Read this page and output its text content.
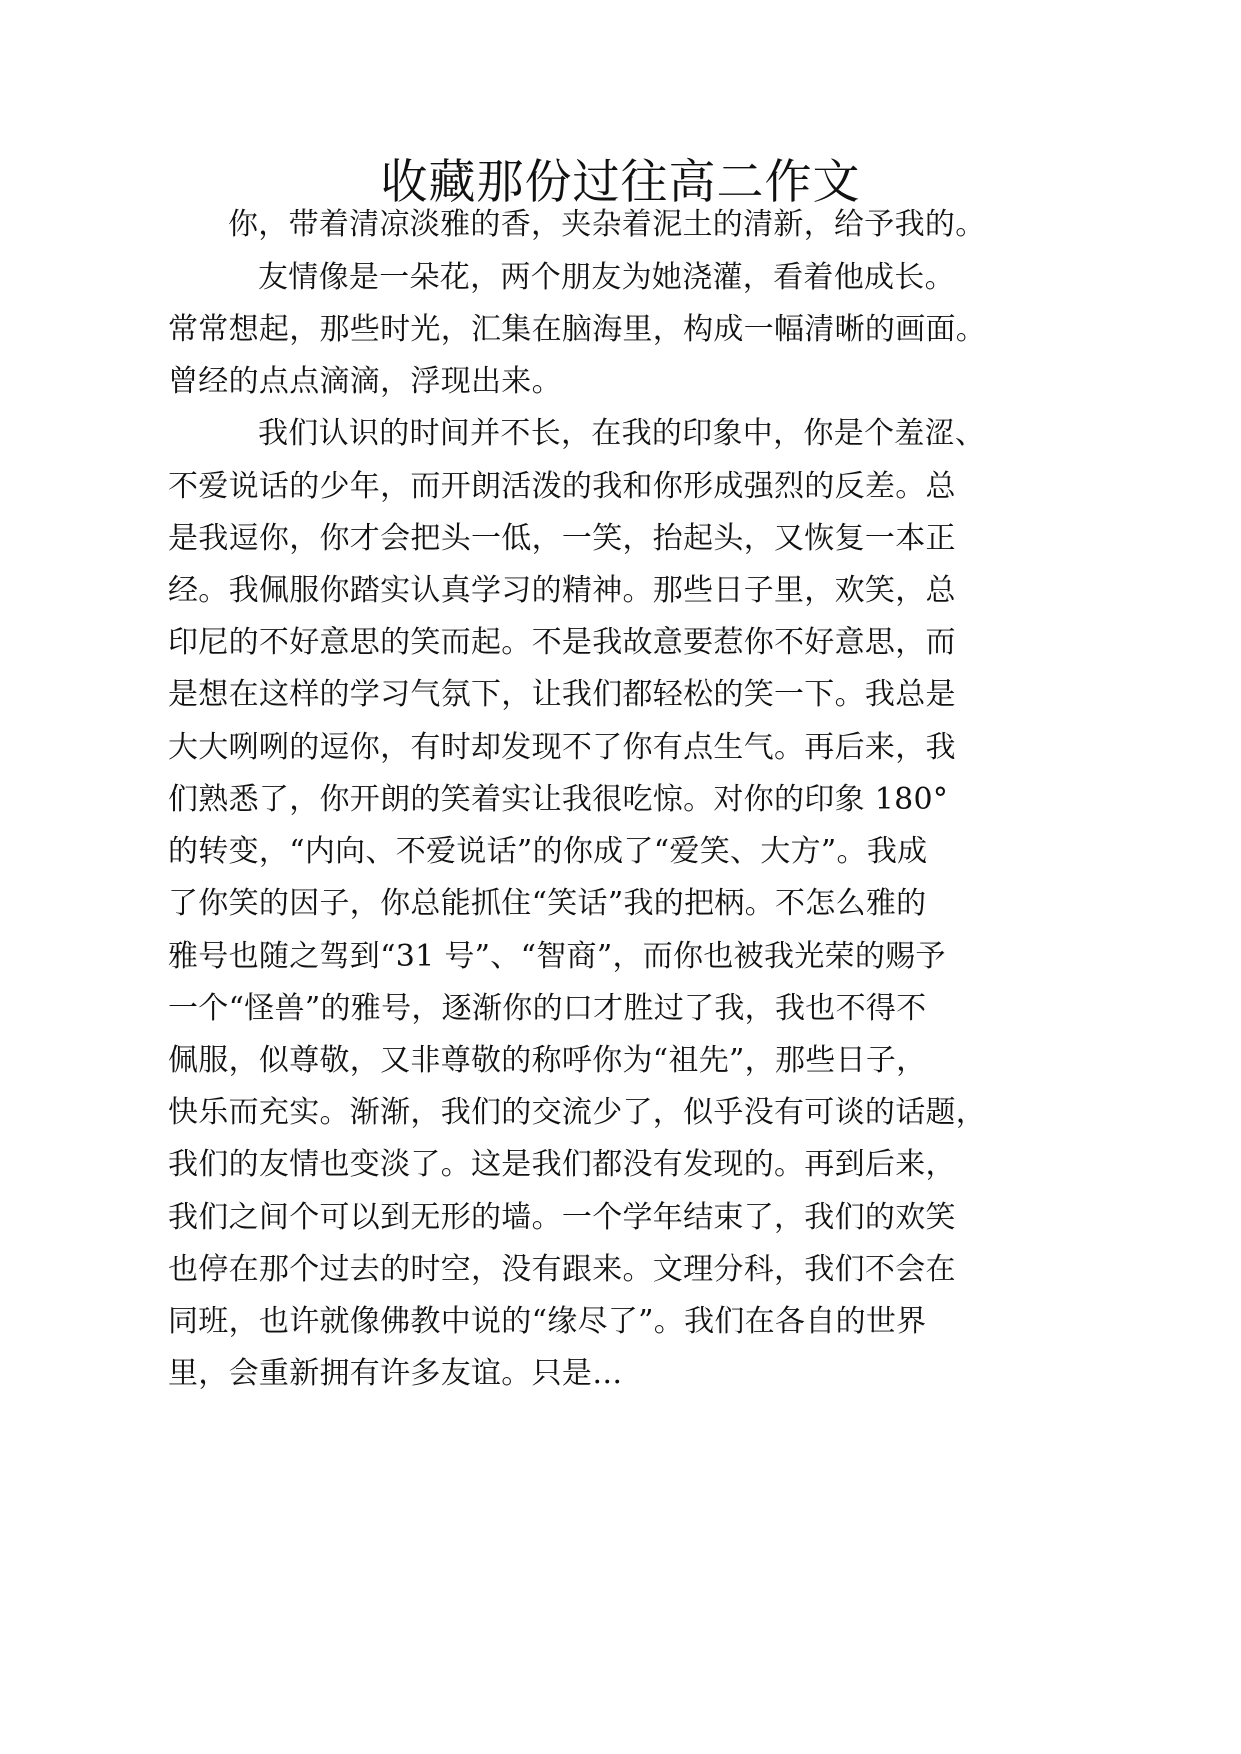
收藏那份过往高二作文
你，带着清凉淡雅的香，夹杂着泥土的清新，给予我的。
友情像是一朵花，两个朋友为她浇灌，看着他成长。
常常想起，那些时光，汇集在脑海里，构成一幅清晰的画面。
曾经的点点滴滴，浮现出来。
我们认识的时间并不长，在我的印象中，你是个羞涩、
不爱说话的少年，而开朗活泼的我和你形成强烈的反差。总
是我逗你，你才会把头一低，一笑，抬起头，又恢复一本正
经。我佩服你踏实认真学习的精神。那些日子里，欢笑，总
印尼的不好意思的笑而起。不是我故意要惹你不好意思，而
是想在这样的学习气氛下，让我们都轻松的笑一下。我总是
大大咧咧的逗你，有时却发现不了你有点生气。再后来，我
们熟悉了，你开朗的笑着实让我很吃惊。对你的印象 180°
的转变，“内向、不爱说话”的你成了“爱笑、大方”。我成
了你笑的因子，你总能抓住“笑话”我的把柄。不怎么雅的
雅号也随之驾到“31 号”、“智商”，而你也被我光荣的赐予
一个“怪兽”的雅号，逐渐你的口才胜过了我，我也不得不
佩服，似尊敬，又非尊敬的称呼你为“祖先”，那些日子，
快乐而充实。渐渐，我们的交流少了，似乎没有可谈的话题，
我们的友情也变淡了。这是我们都没有发现的。再到后来，
我们之间个可以到无形的墙。一个学年结束了，我们的欢笑
也停在那个过去的时空，没有跟来。文理分科，我们不会在
同班，也许就像佛教中说的“缘尽了”。我们在各自的世界
里，会重新拥有许多友谊。只是…
